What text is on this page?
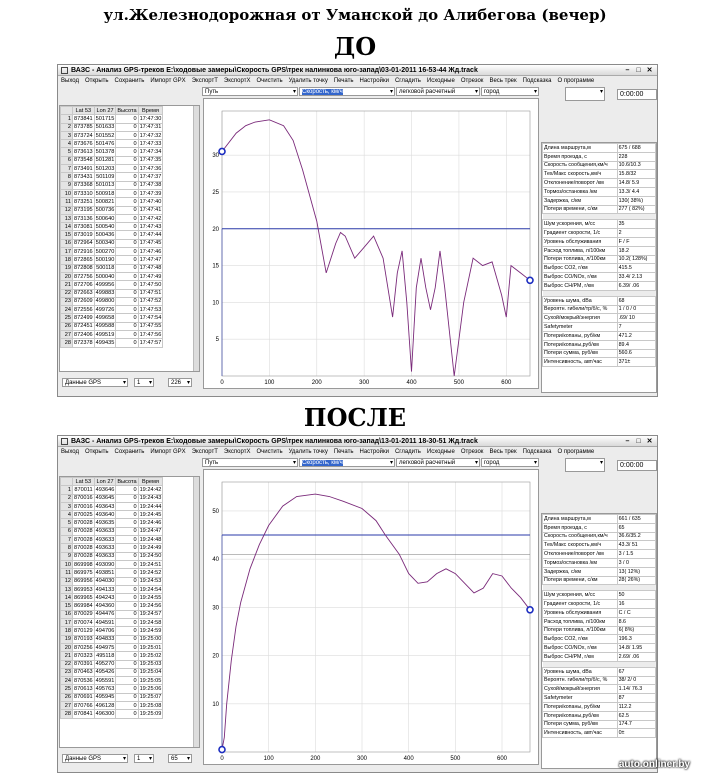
ул.Железнодорожная от Уманской до Алибегова (вечер)
ДО
ПОСЛЕ
ВАЗС - Анализ GPS-треков E:\ходовые замеры\Скорость GPS\трек налинкова юго-запад\03-01-2011 16-53-44 Жд.track	– □ ✕
Выход Открыть Сохранить Импорт GPX ЭкспортТ ЭкспортX Очистить Удалить точку Печать Настройки Сгладить Исходные Отрезок Весь трек Подсказка О программе
Путь ▾	Скорость, км/ч ▾	легковой расчетный ▾	город ▾ ▾	0:00:00
	Lat 53	Lon 27	Высота	Время
1	873841	501715	0	17:47:30
2	873785	501633	0	17:47:31
3	873724	501552	0	17:47:32
4	873676	501476	0	17:47:33
5	873613	501378	0	17:47:34
6	873548	501281	0	17:47:35
7	873491	501203	0	17:47:36
8	873431	501109	0	17:47:37
9	873368	501013	0	17:47:38
10	873310	500918	0	17:47:39
11	873251	500821	0	17:47:40
12	873195	500736	0	17:47:41
13	873136	500640	0	17:47:42
14	873081	500540	0	17:47:43
15	873019	500436	0	17:47:44
16	872964	500340	0	17:47:45
17	872916	500270	0	17:47:46
18	872865	500190	0	17:47:47
19	872808	500118	0	17:47:48
20	872756	500040	0	17:47:49
21	872706	499956	0	17:47:50
22	872663	499883	0	17:47:51
23	872609	499800	0	17:47:52
24	872556	499726	0	17:47:53
25	872499	499658	0	17:47:54
26	872451	499588	0	17:47:55
27	872406	499519	0	17:47:56
28	872378	499435	0	17:47:57
Данные GPS ▾	1 ▾	226 ▾	0	100	200	300	400	500	600
5
10
15
20
25
30
Длина маршрута,м	675 / 688
Время проезда, с	228
Скорость сообщения,км/ч	10.6/10.3
Тех/Макс скорость,км/ч	15.8/32
Отклонение/поворот /км	14.8/ 5.9
Тормоз/остановка /км	13.3/ 4.4
Задержка, с/км	130( 38%)
Потери времени, с/км	277 ( 82%)

Шум ускорения, м/сс	35
Градиент скорости, 1/с	2
Уровень обслуживания	F / F
Расход топлива, л/100км	18.2
Потери топлива, л/100км	10.2( 128%)
Выброс CO2, г/км	415.5
Выброс CO/NOx, г/км	33.4/ 2.13
Выброс CH/PM, г/км	6.39/ .06

Уровень шума, dBa	68
Вероятн. гибели/тр/б/с, %	1 / 0 / 0
Сухой/мокрый/энергия	.69/ 10
Safetymeter	7
Потери/копаны, руб/км	471.2
Потери/копаны,руб/км	89.4
Потери сумма, руб/км	560.6
Интенсивность, авт/час	371±
ВАЗС - Анализ GPS-треков E:\ходовые замеры\Скорость GPS\трек налинкова юго-запад\13-01-2011 18-30-51 Жд.track	– □ ✕
Выход Открыть Сохранить Импорт GPX ЭкспортТ ЭкспортX Очистить Удалить точку Печать Настройки Сгладить Исходные Отрезок Весь трек Подсказка О программе
Путь ▾	Скорость, км/ч ▾	легковой расчетный ▾	город ▾ ▾	0:00:00
	Lat 53	Lon 27	Высота	Время
1	870011	493646	0	19:24:42
2	870016	493645	0	19:24:43
3	870016	493643	0	19:24:44
4	870025	493640	0	19:24:45
5	870028	493635	0	19:24:46
6	870028	493633	0	19:24:47
7	870028	493633	0	19:24:48
8	870028	493633	0	19:24:49
9	870028	493633	0	19:24:50
10	869998	493090	0	19:24:51
11	869975	493851	0	19:24:52
12	869956	494030	0	19:24:53
13	869953	494133	0	19:24:54
14	869965	494243	0	19:24:55
15	869984	494360	0	19:24:56
16	870029	494476	0	19:24:57
17	870074	494591	0	19:24:58
18	870129	494706	0	19:24:59
19	870193	494833	0	19:25:00
20	870256	494975	0	19:25:01
21	870323	495118	0	19:25:02
22	870391	495270	0	19:25:03
23	870463	495426	0	19:25:04
24	870536	495591	0	19:25:05
25	870613	495763	0	19:25:06
26	870691	495945	0	19:25:07
27	870766	496128	0	19:25:08
28	870841	496300	0	19:25:09
Данные GPS ▾	1 ▾	65 ▾	0	100	200	300	400	500	600
10
20
30
40
50
Длина маршрута,м	661 / 635
Время проезда, с	65
Скорость сообщения,км/ч	36.6/35.2
Тех/Макс скорость,км/ч	43.3/ 51
Отклонение/поворот /км	3 / 1.5
Тормоз/остановка /км	3 / 0
Задержка, с/км	13( 12%)
Потери времени, с/км	28( 26%)

Шум ускорения, м/сс	50
Градиент скорости, 1/с	16
Уровень обслуживания	C / C
Расход топлива, л/100км	8.6
Потери топлива, л/100км	6( 8%)
Выброс CO2, г/км	196.3
Выброс CO/NOx, г/км	14.8/ 1.95
Выброс CH/PM, г/км	2.69/ .06

Уровень шума, dBa	67
Вероятн. гибели/тр/б/с, %	38/ 2/ 0
Сухой/мокрый/энергия	1.14/ 76.3
Safetymeter	87
Потери/копаны, руб/км	112.2
Потери/копаны,руб/км	62.5
Потери сумма, руб/км	174.7
Интенсивность, авт/час	0±
auto.onliner.by
